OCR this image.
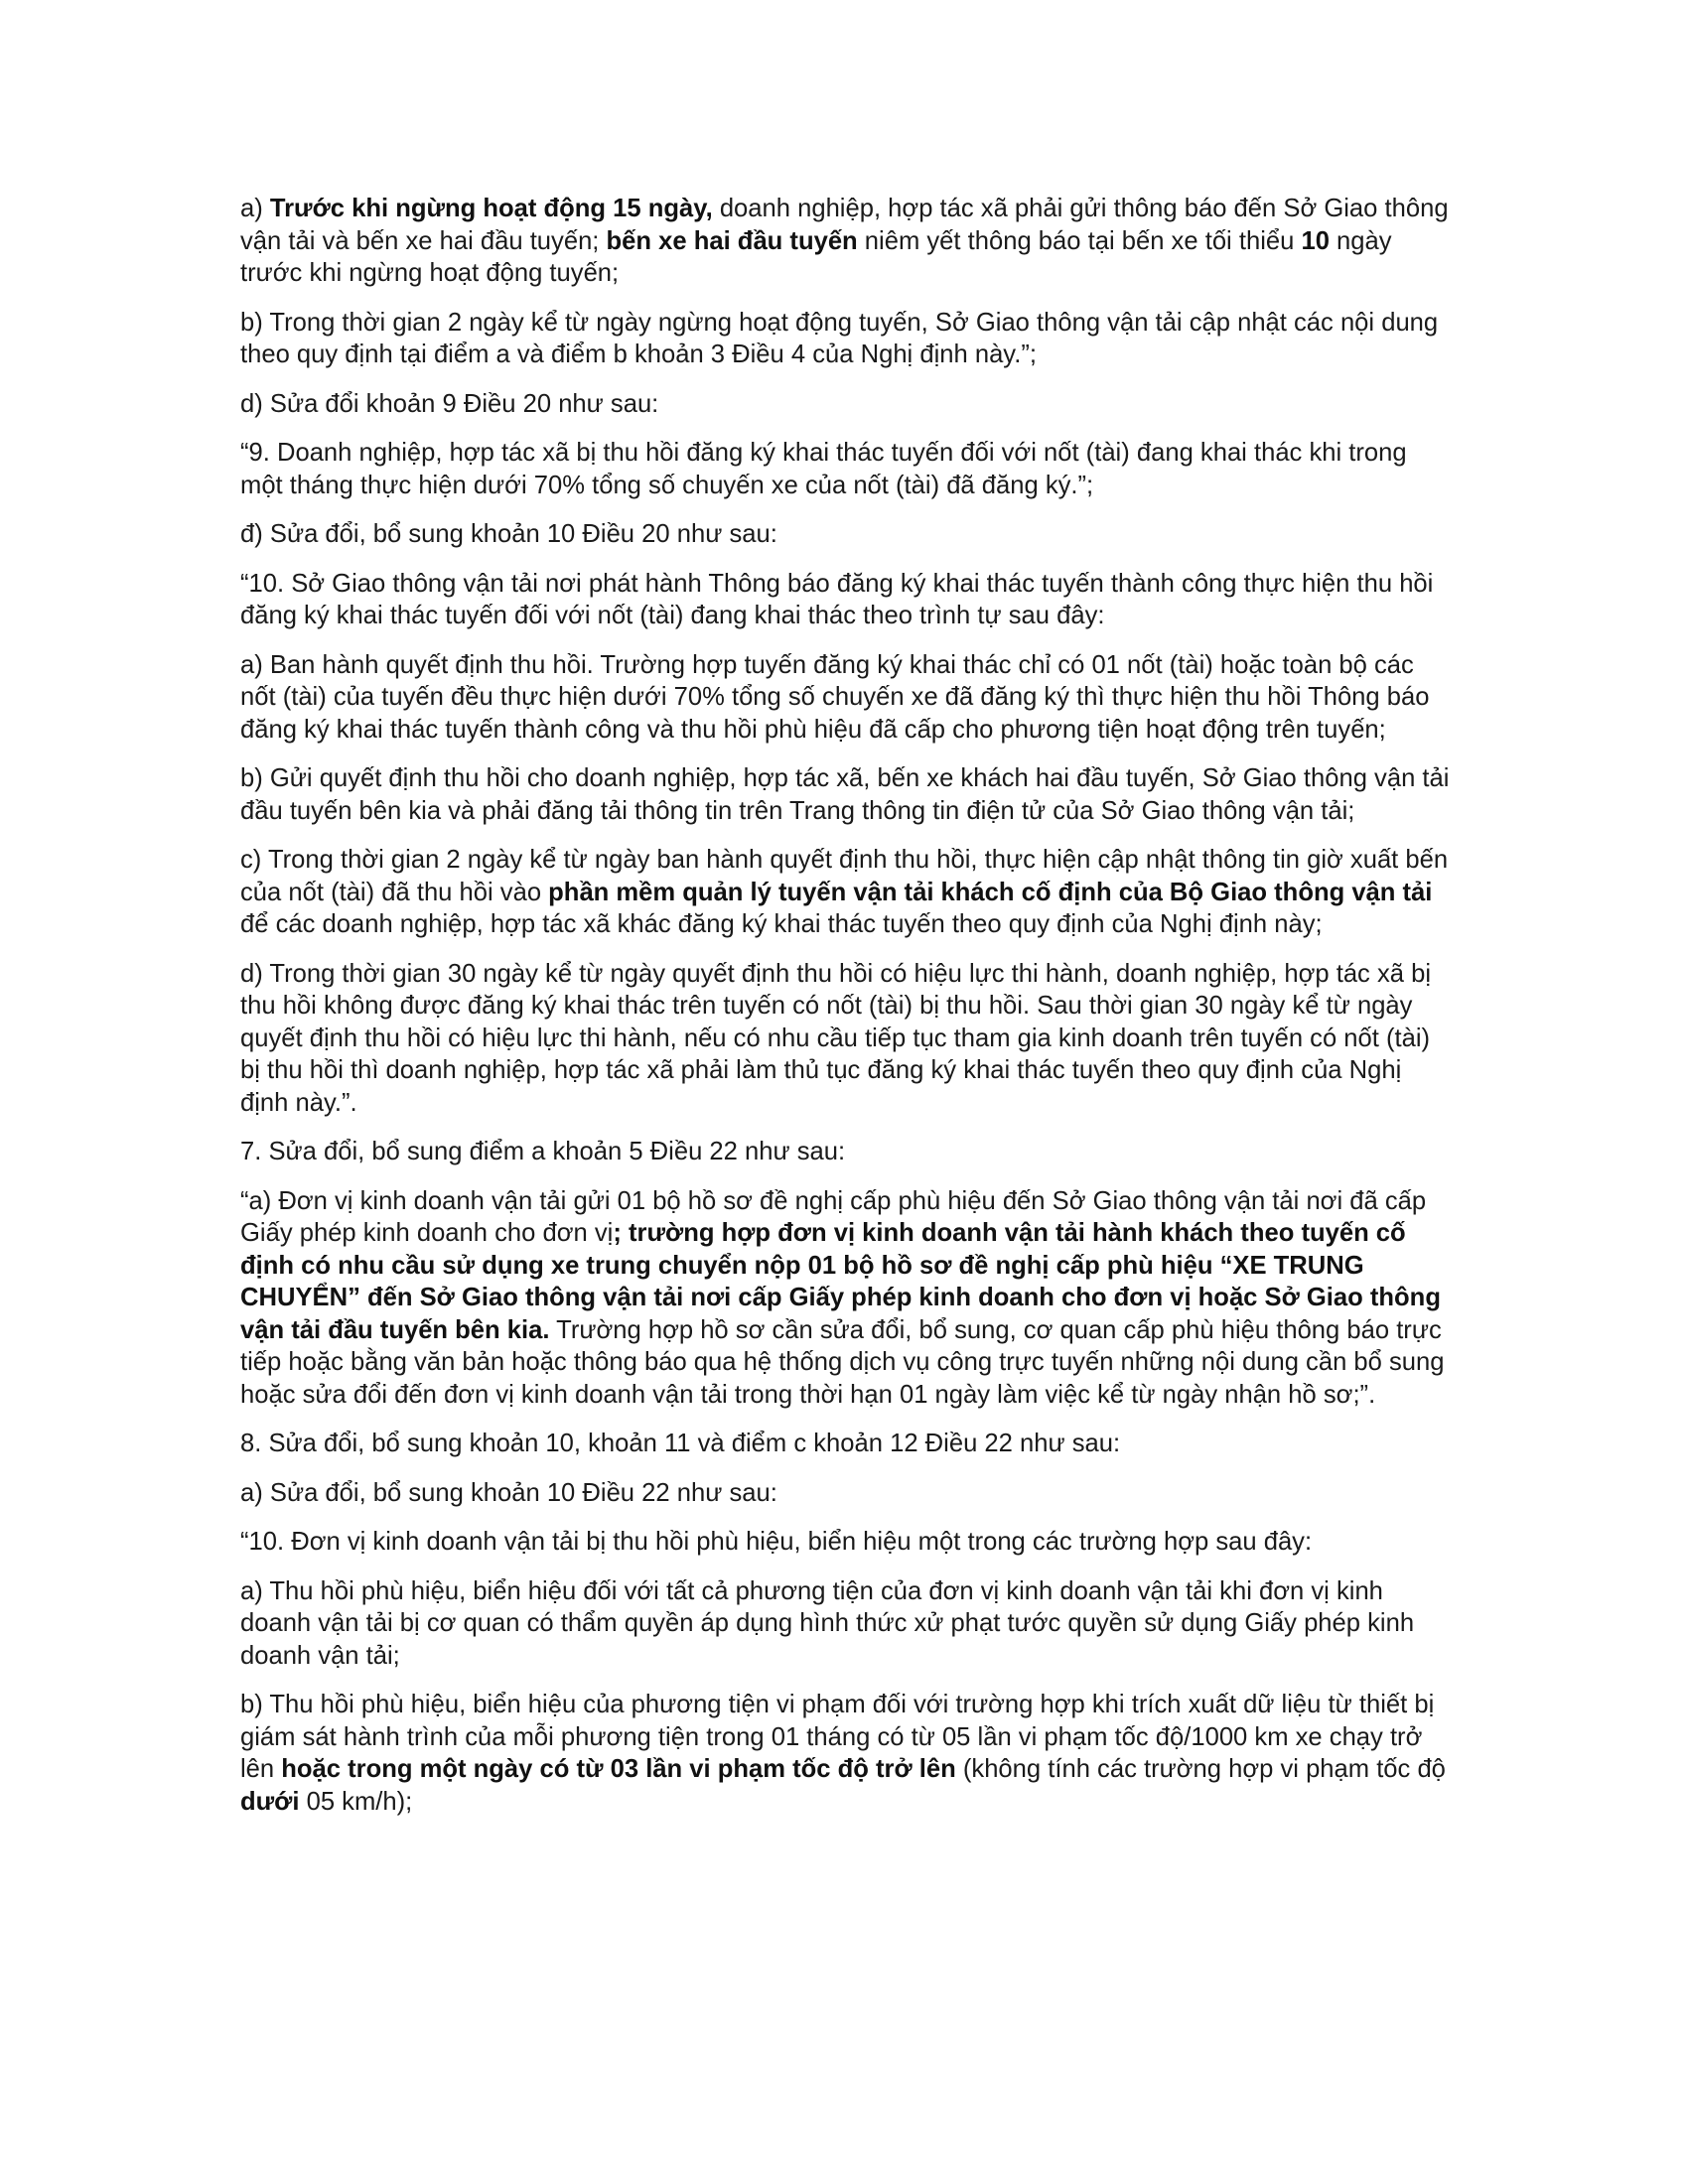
a) Trước khi ngừng hoạt động 15 ngày, doanh nghiệp, hợp tác xã phải gửi thông báo đến Sở Giao thông vận tải và bến xe hai đầu tuyến; bến xe hai đầu tuyến niêm yết thông báo tại bến xe tối thiểu 10 ngày trước khi ngừng hoạt động tuyến;

b) Trong thời gian 2 ngày kể từ ngày ngừng hoạt động tuyến, Sở Giao thông vận tải cập nhật các nội dung theo quy định tại điểm a và điểm b khoản 3 Điều 4 của Nghị định này.”;

d) Sửa đổi khoản 9 Điều 20 như sau:

“9. Doanh nghiệp, hợp tác xã bị thu hồi đăng ký khai thác tuyến đối với nốt (tài) đang khai thác khi trong một tháng thực hiện dưới 70% tổng số chuyến xe của nốt (tài) đã đăng ký.”;

đ) Sửa đổi, bổ sung khoản 10 Điều 20 như sau:

“10. Sở Giao thông vận tải nơi phát hành Thông báo đăng ký khai thác tuyến thành công thực hiện thu hồi đăng ký khai thác tuyến đối với nốt (tài) đang khai thác theo trình tự sau đây:

a) Ban hành quyết định thu hồi. Trường hợp tuyến đăng ký khai thác chỉ có 01 nốt (tài) hoặc toàn bộ các nốt (tài) của tuyến đều thực hiện dưới 70% tổng số chuyến xe đã đăng ký thì thực hiện thu hồi Thông báo đăng ký khai thác tuyến thành công và thu hồi phù hiệu đã cấp cho phương tiện hoạt động trên tuyến;

b) Gửi quyết định thu hồi cho doanh nghiệp, hợp tác xã, bến xe khách hai đầu tuyến, Sở Giao thông vận tải đầu tuyến bên kia và phải đăng tải thông tin trên Trang thông tin điện tử của Sở Giao thông vận tải;

c) Trong thời gian 2 ngày kể từ ngày ban hành quyết định thu hồi, thực hiện cập nhật thông tin giờ xuất bến của nốt (tài) đã thu hồi vào phần mềm quản lý tuyến vận tải khách cố định của Bộ Giao thông vận tải để các doanh nghiệp, hợp tác xã khác đăng ký khai thác tuyến theo quy định của Nghị định này;

d) Trong thời gian 30 ngày kể từ ngày quyết định thu hồi có hiệu lực thi hành, doanh nghiệp, hợp tác xã bị thu hồi không được đăng ký khai thác trên tuyến có nốt (tài) bị thu hồi. Sau thời gian 30 ngày kể từ ngày quyết định thu hồi có hiệu lực thi hành, nếu có nhu cầu tiếp tục tham gia kinh doanh trên tuyến có nốt (tài) bị thu hồi thì doanh nghiệp, hợp tác xã phải làm thủ tục đăng ký khai thác tuyến theo quy định của Nghị định này.”.

7. Sửa đổi, bổ sung điểm a khoản 5 Điều 22 như sau:

“a) Đơn vị kinh doanh vận tải gửi 01 bộ hồ sơ đề nghị cấp phù hiệu đến Sở Giao thông vận tải nơi đã cấp Giấy phép kinh doanh cho đơn vị; trường hợp đơn vị kinh doanh vận tải hành khách theo tuyến cố định có nhu cầu sử dụng xe trung chuyển nộp 01 bộ hồ sơ đề nghị cấp phù hiệu “XE TRUNG CHUYỂN” đến Sở Giao thông vận tải nơi cấp Giấy phép kinh doanh cho đơn vị hoặc Sở Giao thông vận tải đầu tuyến bên kia. Trường hợp hồ sơ cần sửa đổi, bổ sung, cơ quan cấp phù hiệu thông báo trực tiếp hoặc bằng văn bản hoặc thông báo qua hệ thống dịch vụ công trực tuyến những nội dung cần bổ sung hoặc sửa đổi đến đơn vị kinh doanh vận tải trong thời hạn 01 ngày làm việc kể từ ngày nhận hồ sơ;”.

8. Sửa đổi, bổ sung khoản 10, khoản 11 và điểm c khoản 12 Điều 22 như sau:

a) Sửa đổi, bổ sung khoản 10 Điều 22 như sau:

“10. Đơn vị kinh doanh vận tải bị thu hồi phù hiệu, biển hiệu một trong các trường hợp sau đây:

a) Thu hồi phù hiệu, biển hiệu đối với tất cả phương tiện của đơn vị kinh doanh vận tải khi đơn vị kinh doanh vận tải bị cơ quan có thẩm quyền áp dụng hình thức xử phạt tước quyền sử dụng Giấy phép kinh doanh vận tải;

b) Thu hồi phù hiệu, biển hiệu của phương tiện vi phạm đối với trường hợp khi trích xuất dữ liệu từ thiết bị giám sát hành trình của mỗi phương tiện trong 01 tháng có từ 05 lần vi phạm tốc độ/1000 km xe chạy trở lên hoặc trong một ngày có từ 03 lần vi phạm tốc độ trở lên (không tính các trường hợp vi phạm tốc độ dưới 05 km/h);
